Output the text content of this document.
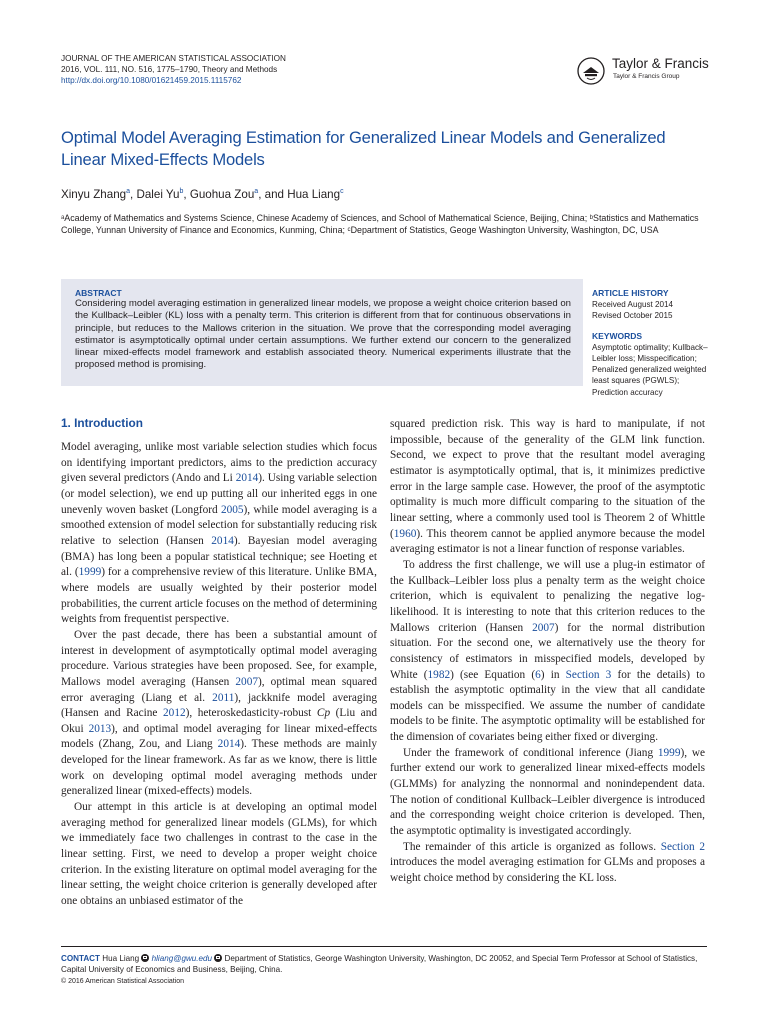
JOURNAL OF THE AMERICAN STATISTICAL ASSOCIATION
2016, VOL. 111, NO. 516, 1775–1790, Theory and Methods
http://dx.doi.org/10.1080/01621459.2015.1115762
Taylor & Francis
Taylor & Francis Group
Optimal Model Averaging Estimation for Generalized Linear Models and Generalized Linear Mixed-Effects Models
Xinyu Zhang$^a$, Dalei Yu$^b$, Guohua Zou$^a$, and Hua Liang$^c$
ᵃAcademy of Mathematics and Systems Science, Chinese Academy of Sciences, and School of Mathematical Science, Beijing, China; ᵇStatistics and Mathematics College, Yunnan University of Finance and Economics, Kunming, China; ᶜDepartment of Statistics, Geoge Washington University, Washington, DC, USA
ABSTRACT
Considering model averaging estimation in generalized linear models, we propose a weight choice criterion based on the Kullback–Leibler (KL) loss with a penalty term. This criterion is different from that for continuous observations in principle, but reduces to the Mallows criterion in the situation. We prove that the corresponding model averaging estimator is asymptotically optimal under certain assumptions. We further extend our concern to the generalized linear mixed-effects model framework and establish associated theory. Numerical experiments illustrate that the proposed method is promising.
ARTICLE HISTORY
Received August 2014
Revised October 2015
KEYWORDS
Asymptotic optimality; Kullback–Leibler loss; Misspecification; Penalized generalized weighted least squares (PGWLS); Prediction accuracy
1. Introduction

Model averaging, unlike most variable selection studies which focus on identifying important predictors, aims to the prediction accuracy given several predictors (Ando and Li 2014). Using variable selection (or model selection), we end up putting all our inherited eggs in one unevenly woven basket (Longford 2005), while model averaging is a smoothed extension of model selection for substantially reducing risk relative to selection (Hansen 2014). Bayesian model averaging (BMA) has long been a popular statistical technique; see Hoeting et al. (1999) for a comprehensive review of this literature. Unlike BMA, where models are usually weighted by their posterior model probabilities, the current article focuses on the method of determining weights from frequentist perspective.

Over the past decade, there has been a substantial amount of interest in development of asymptotically optimal model averaging procedure. Various strategies have been proposed. See, for example, Mallows model averaging (Hansen 2007), optimal mean squared error averaging (Liang et al. 2011), jackknife model averaging (Hansen and Racine 2012), heteroskedasticity-robust Cp (Liu and Okui 2013), and optimal model averaging for linear mixed-effects models (Zhang, Zou, and Liang 2014). These methods are mainly developed for the linear framework. As far as we know, there is little work on developing optimal model averaging methods under generalized linear (mixed-effects) models.

Our attempt in this article is at developing an optimal model averaging method for generalized linear models (GLMs), for which we immediately face two challenges in contrast to the case in the linear setting. First, we need to develop a proper weight choice criterion. In the existing literature on optimal model averaging for the linear setting, the weight choice criterion is generally developed after one obtains an unbiased estimator of the

squared prediction risk. This way is hard to manipulate, if not impossible, because of the generality of the GLM link function. Second, we expect to prove that the resultant model averaging estimator is asymptotically optimal, that is, it minimizes predictive error in the large sample case. However, the proof of the asymptotic optimality is much more difficult comparing to the situation of the linear setting, where a commonly used tool is Theorem 2 of Whittle (1960). This theorem cannot be applied anymore because the model averaging estimator is not a linear function of response variables.

To address the first challenge, we will use a plug-in estimator of the Kullback–Leibler loss plus a penalty term as the weight choice criterion, which is equivalent to penalizing the negative log-likelihood. It is interesting to note that this criterion reduces to the Mallows criterion (Hansen 2007) for the normal distribution situation. For the second one, we alternatively use the theory for consistency of estimators in misspecified models, developed by White (1982) (see Equation (6) in Section 3 for the details) to establish the asymptotic optimality in the view that all candidate models can be misspecified. We assume the number of candidate models to be finite. The asymptotic optimality will be established for the dimension of covariates being either fixed or diverging.

Under the framework of conditional inference (Jiang 1999), we further extend our work to generalized linear mixed-effects models (GLMMs) for analyzing the nonnormal and nonindependent data. The notion of conditional Kullback–Leibler divergence is introduced and the corresponding weight choice criterion is developed. Then, the asymptotic optimality is investigated accordingly.

The remainder of this article is organized as follows. Section 2 introduces the model averaging estimation for GLMs and proposes a weight choice method by considering the KL loss.

CONTACT Hua Liang hliang@gwu.edu Department of Statistics, George Washington University, Washington, DC 20052, and Special Term Professor at School of Statistics, Capital University of Economics and Business, Beijing, China.
© 2016 American Statistical Association
